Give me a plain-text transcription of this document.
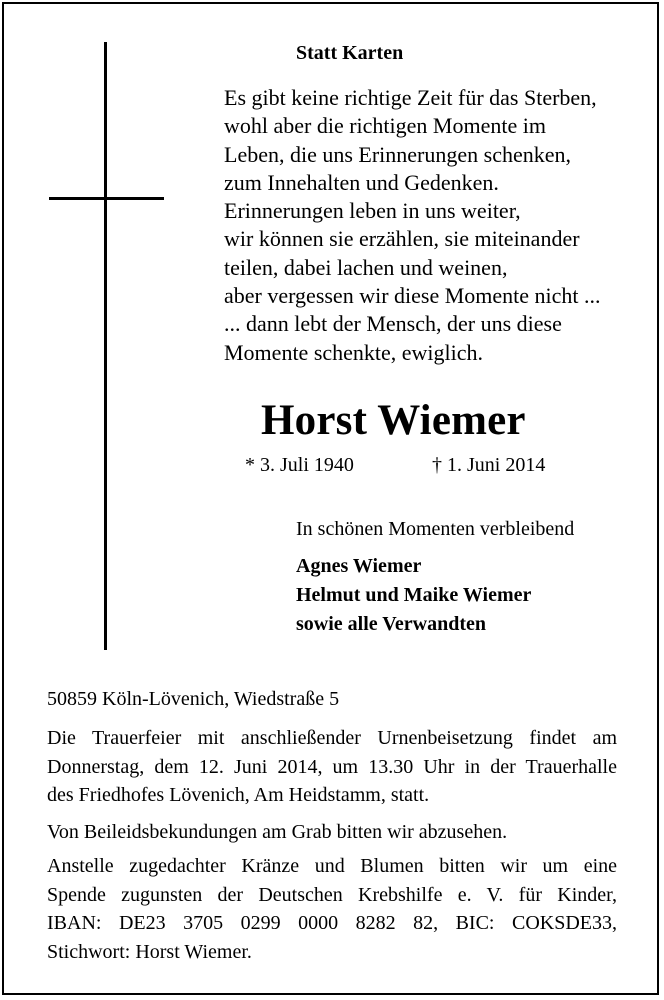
Statt Karten
Es gibt keine richtige Zeit für das Sterben,
wohl aber die richtigen Momente im
Leben, die uns Erinnerungen schenken,
zum Innehalten und Gedenken.
Erinnerungen leben in uns weiter,
wir können sie erzählen, sie miteinander
teilen, dabei lachen und weinen,
aber vergessen wir diese Momente nicht ...
... dann lebt der Mensch, der uns diese
Momente schenkte, ewiglich.
Horst Wiemer
* 3. Juli 1940	† 1. Juni 2014
In schönen Momenten verbleibend
Agnes Wiemer
Helmut und Maike Wiemer
sowie alle Verwandten
50859 Köln-Lövenich, Wiedstraße 5
Die Trauerfeier mit anschließender Urnenbeisetzung findet am
Donnerstag, dem 12. Juni 2014, um 13.30 Uhr in der Trauerhalle
des Friedhofes Lövenich, Am Heidstamm, statt.
Von Beileidsbekundungen am Grab bitten wir abzusehen.
Anstelle zugedachter Kränze und Blumen bitten wir um eine
Spende zugunsten der Deutschen Krebshilfe e. V. für Kinder,
IBAN: DE23 3705 0299 0000 8282 82, BIC: COKSDE33,
Stichwort: Horst Wiemer.
